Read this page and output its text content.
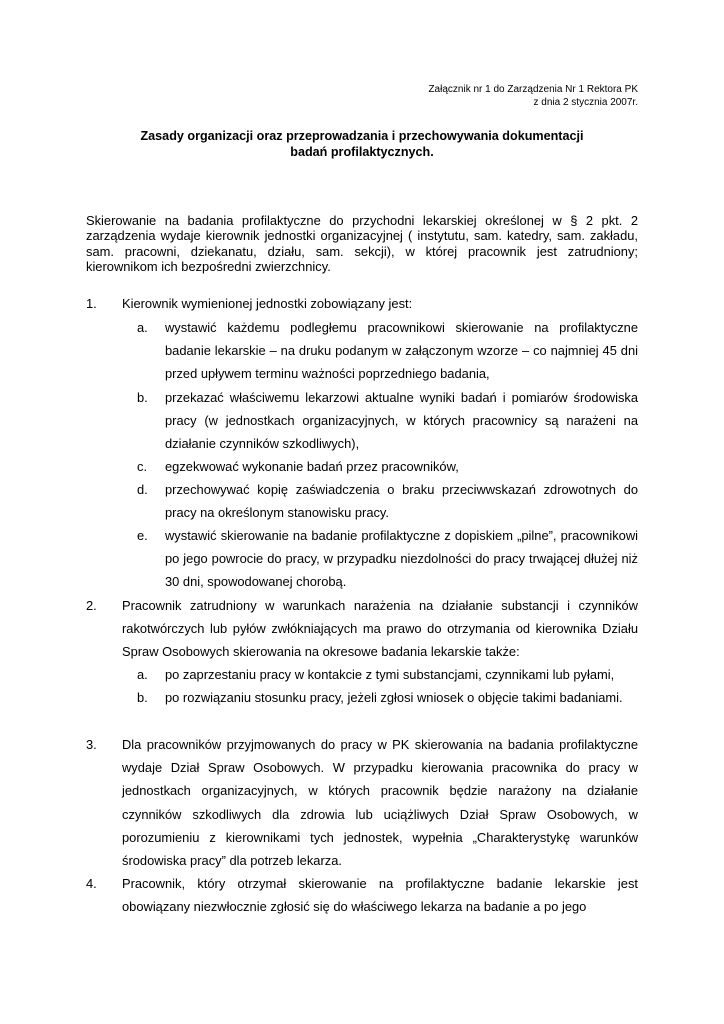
Załącznik nr 1 do Zarządzenia Nr 1 Rektora PK
z dnia 2 stycznia 2007r.
Zasady organizacji oraz przeprowadzania i przechowywania dokumentacji
badań profilaktycznych.
Skierowanie na badania profilaktyczne do przychodni lekarskiej określonej w § 2 pkt. 2 zarządzenia wydaje kierownik jednostki organizacyjnej ( instytutu, sam. katedry, sam. zakładu, sam. pracowni, dziekanatu, działu, sam. sekcji), w której pracownik jest zatrudniony; kierownikom ich bezpośredni zwierzchnicy.
1.	Kierownik wymienionej jednostki zobowiązany jest:
a.	wystawić każdemu podległemu pracownikowi skierowanie na profilaktyczne badanie lekarskie – na druku podanym w załączonym wzorze – co najmniej 45 dni przed upływem terminu ważności poprzedniego badania,
b.	przekazać właściwemu lekarzowi aktualne wyniki badań i pomiarów środowiska pracy (w jednostkach organizacyjnych, w których pracownicy są narażeni na działanie czynników szkodliwych),
c.	egzekwować wykonanie badań przez pracowników,
d.	przechowywać kopię zaświadczenia o braku przeciwwskazań zdrowotnych do pracy na określonym stanowisku pracy.
e.	wystawić skierowanie na badanie profilaktyczne z dopiskiem „pilne”, pracownikowi po jego powrocie do pracy, w przypadku niezdolności do pracy trwającej dłużej niż 30 dni, spowodowanej chorobą.
2.	Pracownik zatrudniony w warunkach narażenia na działanie substancji i czynników rakotwórczych lub pyłów zwłókniających ma prawo do otrzymania od kierownika Działu Spraw Osobowych skierowania na okresowe badania lekarskie także:
a.	po zaprzestaniu pracy w kontakcie z tymi substancjami, czynnikami lub pyłami,
b.	po rozwiązaniu stosunku pracy, jeżeli zgłosi wniosek o objęcie takimi badaniami.
3.	Dla pracowników przyjmowanych do pracy w PK skierowania na badania profilaktyczne wydaje Dział Spraw Osobowych. W przypadku kierowania pracownika do pracy w jednostkach organizacyjnych, w których pracownik będzie narażony na działanie czynników szkodliwych dla zdrowia lub uciążliwych Dział Spraw Osobowych, w porozumieniu z kierownikami tych jednostek, wypełnia „Charakterystykę warunków środowiska pracy” dla potrzeb lekarza.
4.	Pracownik, który otrzymał skierowanie na profilaktyczne badanie lekarskie jest obowiązany niezwłocznie zgłosić się do właściwego lekarza na badanie a po jego
